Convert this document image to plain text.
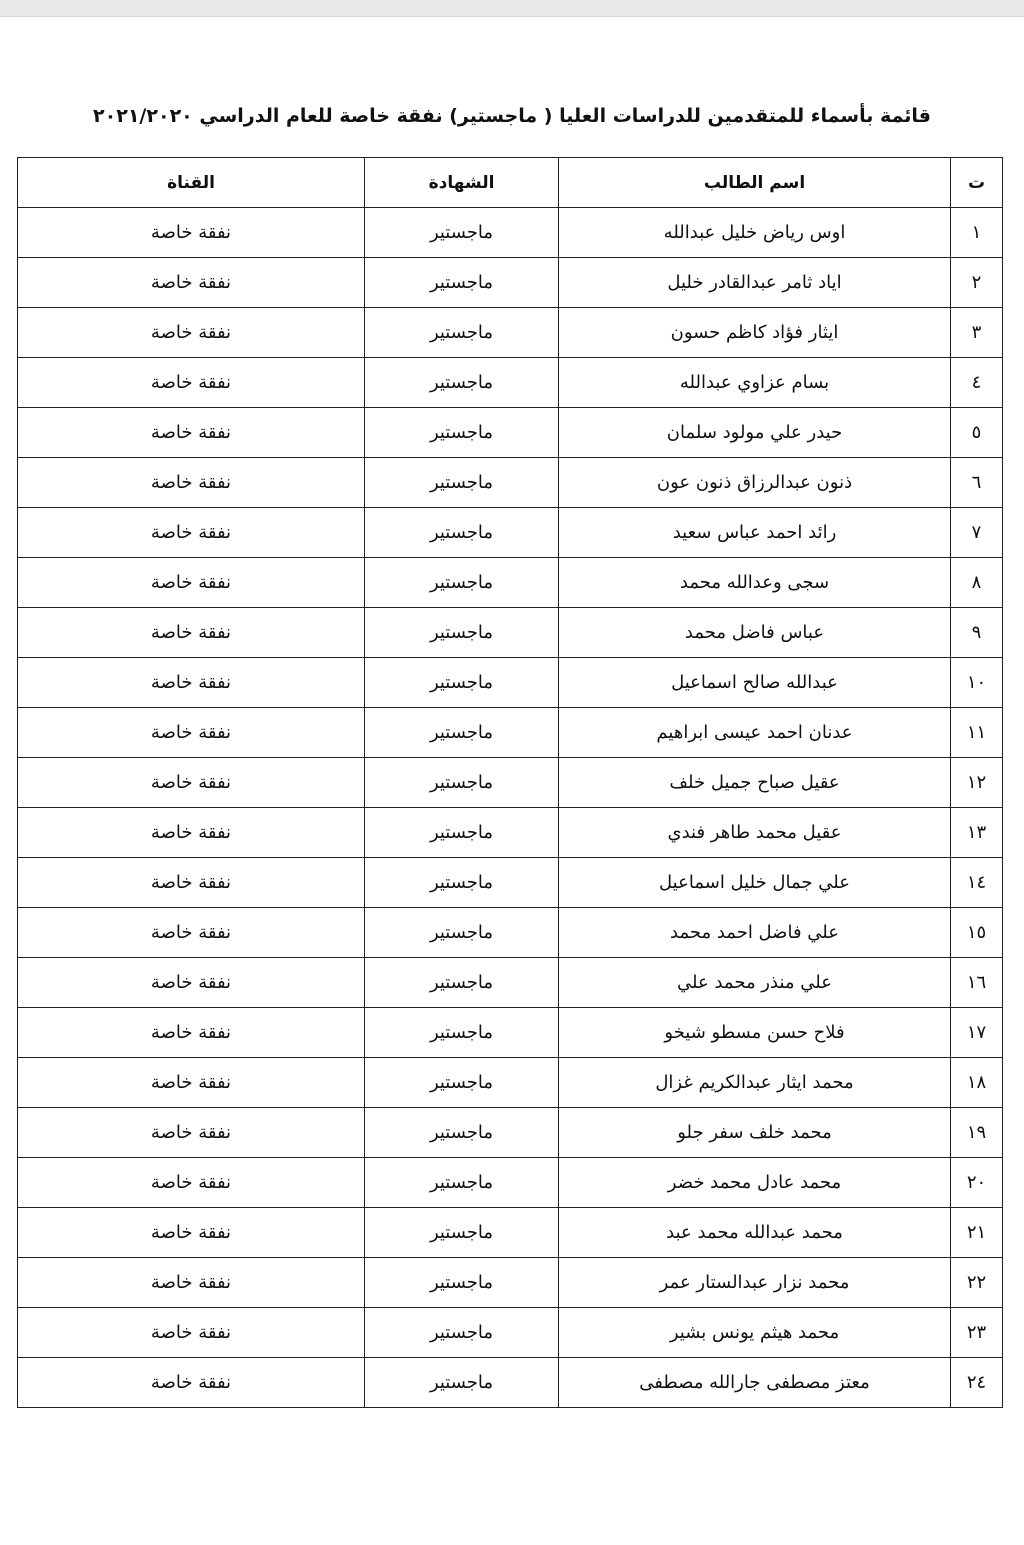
قائمة بأسماء للمتقدمين للدراسات العليا ( ماجستير) نفقة خاصة للعام الدراسي ٢٠٢١/٢٠٢٠
ت	اسم الطالب	الشهادة	القناة
١	اوس رياض خليل عبدالله	ماجستير	نفقة خاصة
٢	اياد ثامر عبدالقادر خليل	ماجستير	نفقة خاصة
٣	ايثار فؤاد كاظم حسون	ماجستير	نفقة خاصة
٤	بسام عزاوي عبدالله	ماجستير	نفقة خاصة
٥	حيدر علي مولود سلمان	ماجستير	نفقة خاصة
٦	ذنون عبدالرزاق ذنون عون	ماجستير	نفقة خاصة
٧	رائد احمد عباس سعيد	ماجستير	نفقة خاصة
٨	سجى وعدالله محمد	ماجستير	نفقة خاصة
٩	عباس فاضل محمد	ماجستير	نفقة خاصة
١٠	عبدالله صالح اسماعيل	ماجستير	نفقة خاصة
١١	عدنان احمد عيسى ابراهيم	ماجستير	نفقة خاصة
١٢	عقيل صباح جميل خلف	ماجستير	نفقة خاصة
١٣	عقيل محمد طاهر فندي	ماجستير	نفقة خاصة
١٤	علي جمال خليل اسماعيل	ماجستير	نفقة خاصة
١٥	علي فاضل احمد محمد	ماجستير	نفقة خاصة
١٦	علي منذر محمد علي	ماجستير	نفقة خاصة
١٧	فلاح حسن مسطو شيخو	ماجستير	نفقة خاصة
١٨	محمد ايثار عبدالكريم غزال	ماجستير	نفقة خاصة
١٩	محمد خلف سفر جلو	ماجستير	نفقة خاصة
٢٠	محمد عادل محمد خضر	ماجستير	نفقة خاصة
٢١	محمد عبدالله محمد عبد	ماجستير	نفقة خاصة
٢٢	محمد نزار عبدالستار عمر	ماجستير	نفقة خاصة
٢٣	محمد هيثم يونس بشير	ماجستير	نفقة خاصة
٢٤	معتز مصطفى جارالله مصطفى	ماجستير	نفقة خاصة
